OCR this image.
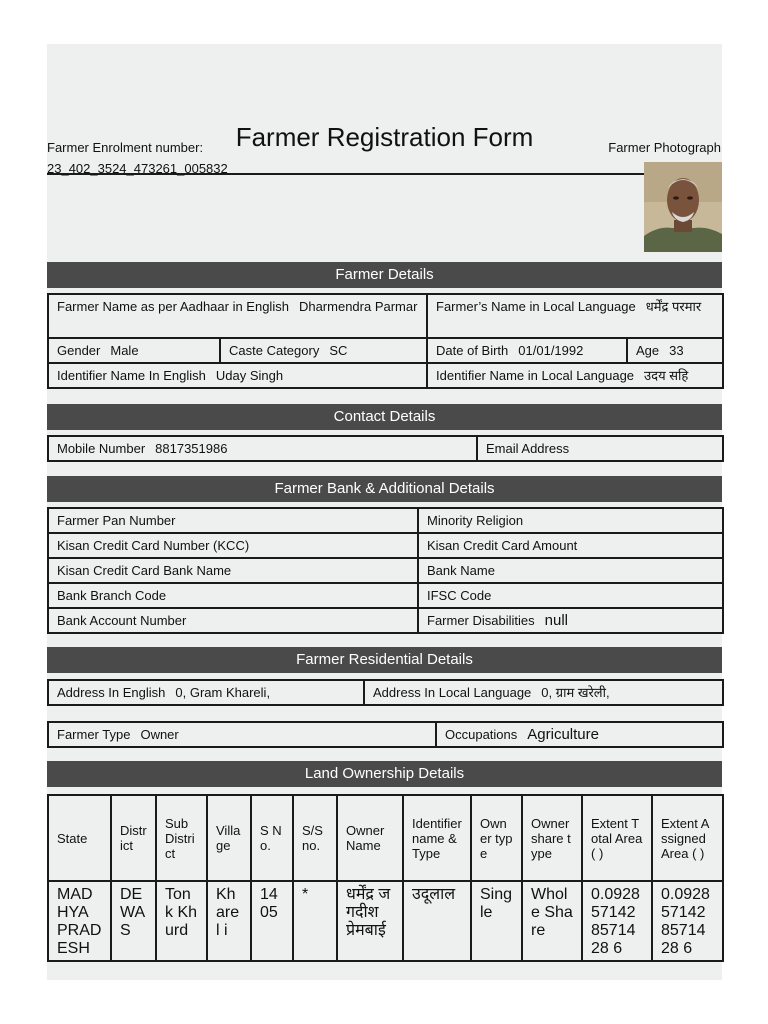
Farmer Registration Form
Farmer Enrolment number:
23_402_3524_473261_005832
Farmer Photograph
Farmer Details
Farmer Name as per Aadhaar in English Dharmendra Parmar		Farmer’s Name in Local Language धर्मेंद्र परमार	
Gender Male	Caste Category SC	Date of Birth 01/01/1992	Age 33
Identifier Name In English Uday Singh		Identifier Name in Local Language उदय सहि	
Contact Details
Mobile Number 8817351986	Email Address
Farmer Bank & Additional Details
Farmer Pan Number	Minority Religion
Kisan Credit Card Number (KCC)	Kisan Credit Card Amount
Kisan Credit Card Bank Name	Bank Name
Bank Branch Code	IFSC Code
Bank Account Number	Farmer Disabilities null
Farmer Residential Details
Address In English 0, Gram Khareli,	Address In Local Language 0, ग्राम खरेली,
Farmer Type Owner	Occupations Agriculture
Land Ownership Details
State	District	Sub District	Village	S No.	S/S no.	Owner Name	Identifier name & Type	Owner type	Owner share type	Extent Total Area ( )	Extent Assigned Area ( )
MADHYA PRADESH	DEWAS	Tonk Khurd	Kharel i	1405	*	धर्मेंद्र जगदीश प्रेमबाई	उदूलाल	Single	Whole Share	0.0928571428571428 6	0.0928571428571428 6
